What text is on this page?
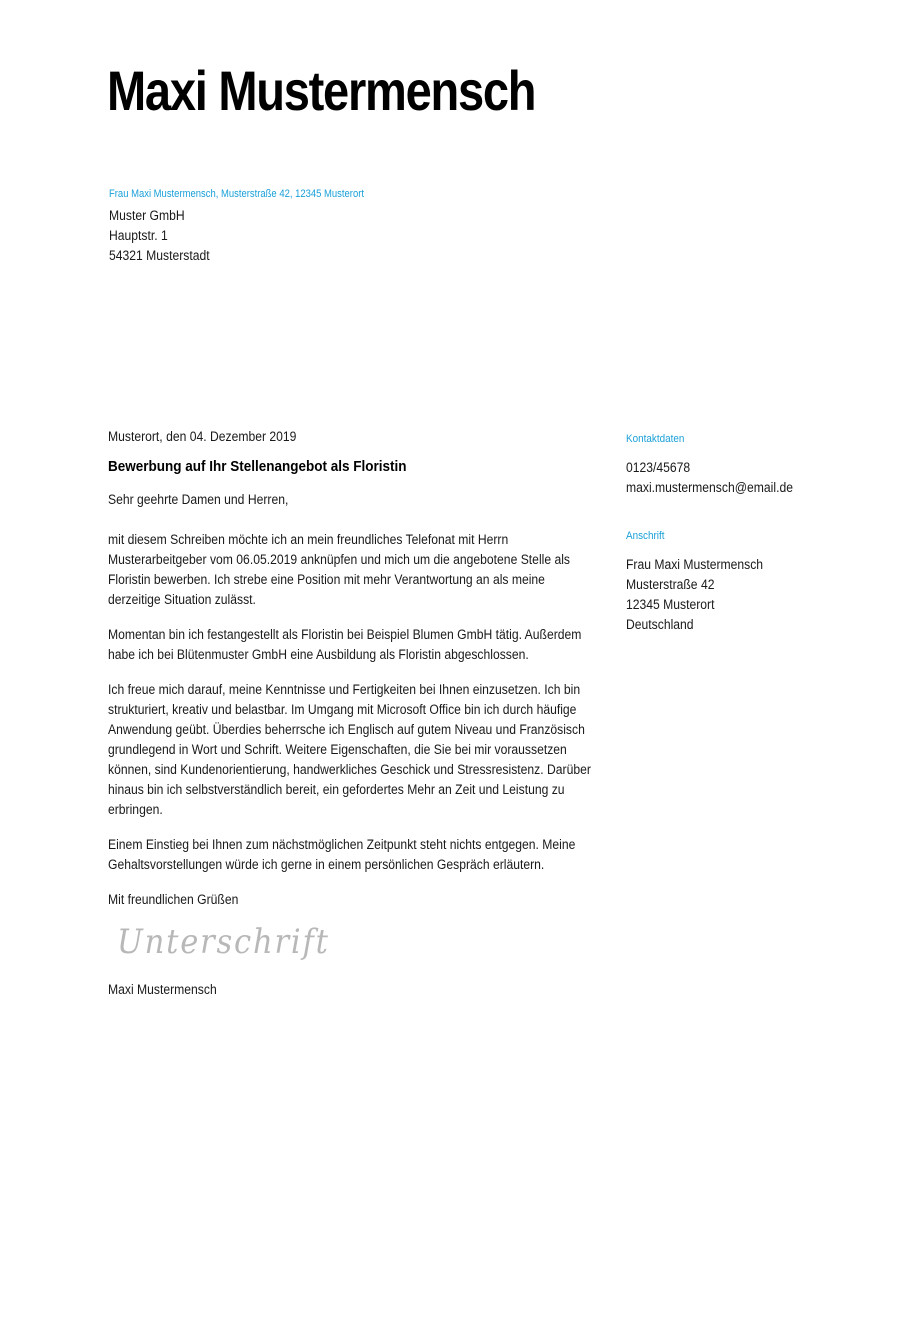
Maxi Mustermensch
Frau Maxi Mustermensch, Musterstraße 42, 12345 Musterort
Muster GmbH
Hauptstr. 1
54321 Musterstadt
Musterort, den 04. Dezember 2019
Bewerbung auf Ihr Stellenangebot als Floristin
Sehr geehrte Damen und Herren,

mit diesem Schreiben möchte ich an mein freundliches Telefonat mit Herrn Musterarbeitgeber vom 06.05.2019 anknüpfen und mich um die angebotene Stelle als Floristin bewerben. Ich strebe eine Position mit mehr Verantwortung an als meine derzeitige Situation zulässt.

Momentan bin ich festangestellt als Floristin bei Beispiel Blumen GmbH tätig. Außerdem habe ich bei Blütenmuster GmbH eine Ausbildung als Floristin abgeschlossen.

Ich freue mich darauf, meine Kenntnisse und Fertigkeiten bei Ihnen einzusetzen. Ich bin strukturiert, kreativ und belastbar. Im Umgang mit Microsoft Office bin ich durch häufige Anwendung geübt. Überdies beherrsche ich Englisch auf gutem Niveau und Französisch grundlegend in Wort und Schrift. Weitere Eigenschaften, die Sie bei mir voraussetzen können, sind Kundenorientierung, handwerkliches Geschick und Stressresistenz. Darüber hinaus bin ich selbstverständlich bereit, ein gefordertes Mehr an Zeit und Leistung zu erbringen.

Einem Einstieg bei Ihnen zum nächstmöglichen Zeitpunkt steht nichts entgegen. Meine Gehaltsvorstellungen würde ich gerne in einem persönlichen Gespräch erläutern.

Mit freundlichen Grüßen
Unterschrift
Maxi Mustermensch
Kontaktdaten
0123/45678
maxi.mustermensch@email.de
Anschrift
Frau Maxi Mustermensch
Musterstraße 42
12345 Musterort
Deutschland
